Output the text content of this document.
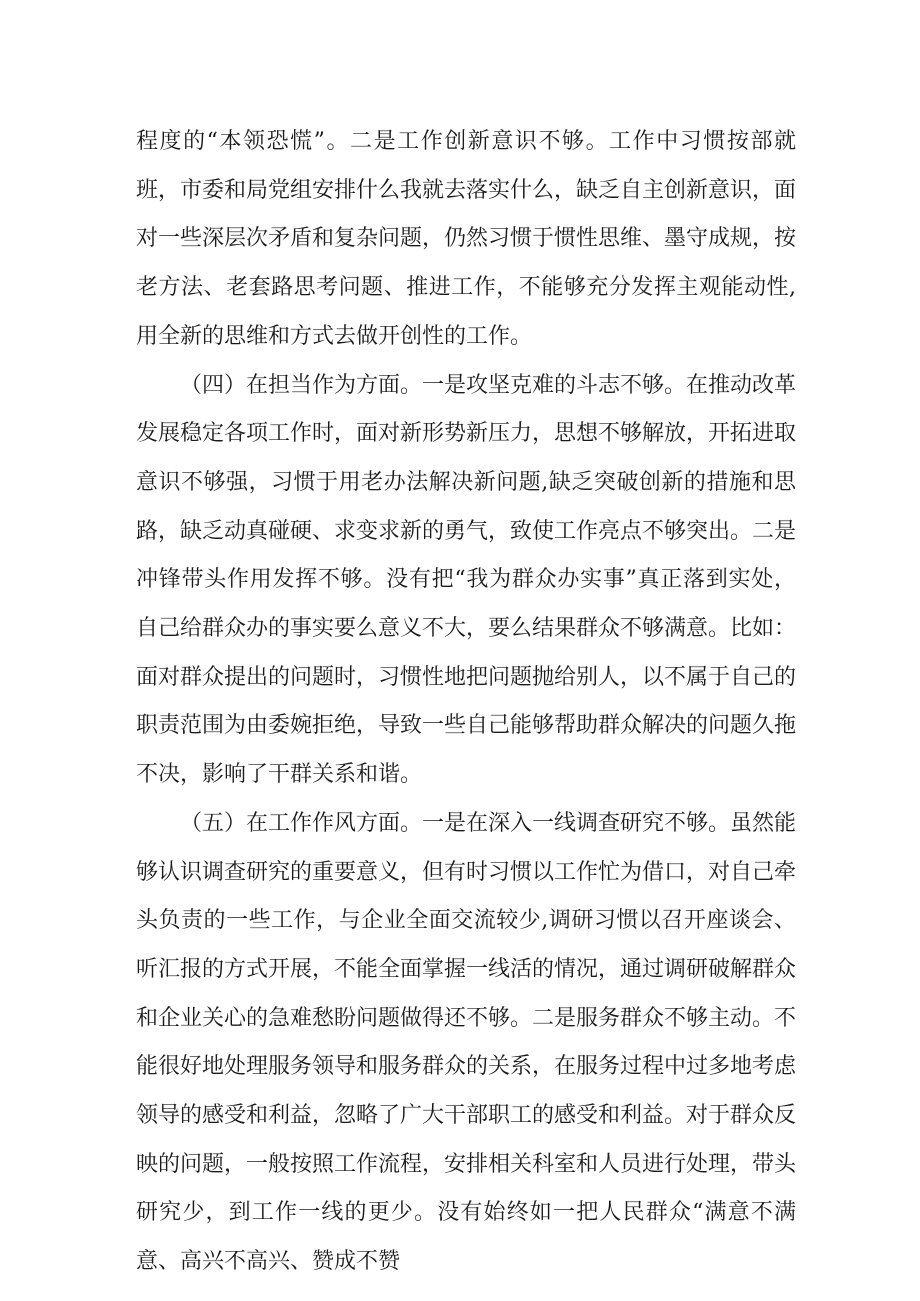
程度的“本领恐慌”。二是工作创新意识不够。工作中习惯按部就班，市委和局党组安排什么我就去落实什么，缺乏自主创新意识，面对一些深层次矛盾和复杂问题，仍然习惯于惯性思维、墨守成规，按老方法、老套路思考问题、推进工作，不能够充分发挥主观能动性,用全新的思维和方式去做开创性的工作。

（四）在担当作为方面。一是攻坚克难的斗志不够。在推动改革发展稳定各项工作时，面对新形势新压力，思想不够解放，开拓进取意识不够强，习惯于用老办法解决新问题,缺乏突破创新的措施和思路，缺乏动真碰硬、求变求新的勇气，致使工作亮点不够突出。二是冲锋带头作用发挥不够。没有把“我为群众办实事”真正落到实处，自己给群众办的事实要么意义不大，要么结果群众不够满意。比如：面对群众提出的问题时，习惯性地把问题抛给别人，以不属于自己的职责范围为由委婉拒绝，导致一些自己能够帮助群众解决的问题久拖不决，影响了干群关系和谐。

（五）在工作作风方面。一是在深入一线调查研究不够。虽然能够认识调查研究的重要意义，但有时习惯以工作忙为借口，对自己牵头负责的一些工作，与企业全面交流较少,调研习惯以召开座谈会、听汇报的方式开展，不能全面掌握一线活的情况，通过调研破解群众和企业关心的急难愁盼问题做得还不够。二是服务群众不够主动。不能很好地处理服务领导和服务群众的关系，在服务过程中过多地考虑领导的感受和利益，忽略了广大干部职工的感受和利益。对于群众反映的问题，一般按照工作流程，安排相关科室和人员进行处理，带头研究少，到工作一线的更少。没有始终如一把人民群众“满意不满意、高兴不高兴、赞成不赞
